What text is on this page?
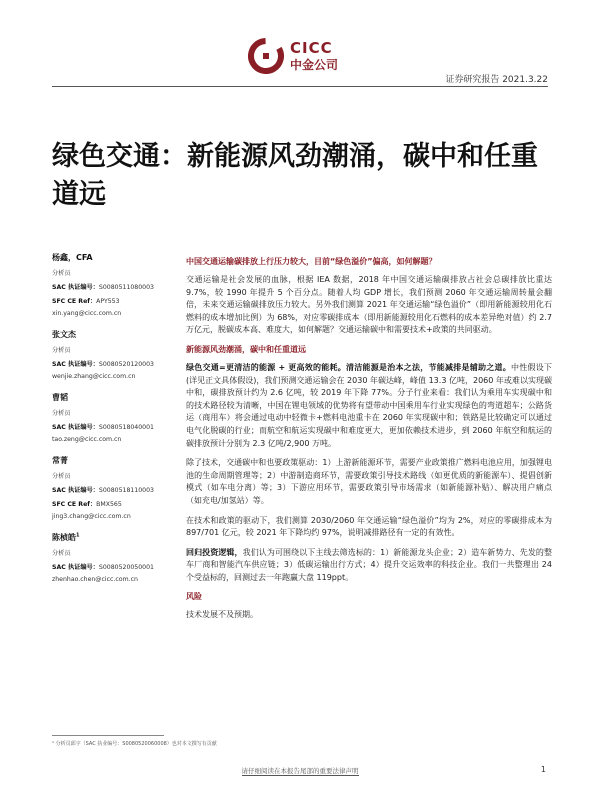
CICC
中金公司
证券研究报告 2021.3.22
绿色交通：新能源风劲潮涌，碳中和任重道远
杨鑫，CFA
分析员
SAC 执证编号：S0080511080003
SFC CE Ref：APY553
xin.yang@cicc.com.cn
张文杰
分析员
SAC 执证编号：S0080520120003
wenjie.zhang@cicc.com.cn
曹韬
分析员
SAC 执证编号：S0080518040001
tao.zeng@cicc.com.cn
常菁
分析员
SAC 执证编号：S0080518110003
SFC CE Ref：BMX565
jing3.chang@cicc.com.cn
陈桢皓$^1$
分析员
SAC 执证编号：S0080520050001
zhenhao.chen@cicc.com.cn

中国交通运输碳排放上行压力较大，目前“绿色溢价”偏高，如何解题？

交通运输是社会发展的血脉，根据 IEA 数据，2018 年中国交通运输碳排放占社会总碳排放比重达 9.7%，较 1990 年提升 5 个百分点。随着人均 GDP 增长，我们预测 2060 年交通运输周转量会翻倍，未来交通运输碳排放压力较大。另外我们测算 2021 年交通运输“绿色溢价”（即用新能源较用化石燃料的成本增加比例）为 68%，对应零碳排成本（即用新能源较用化石燃料的成本差异绝对值）约 2.7 万亿元，脱碳成本高、难度大，如何解题？交通运输碳中和需要技术+政策的共同驱动。

新能源风劲潮涌，碳中和任重道远

绿色交通=更清洁的能源 + 更高效的能耗。清洁能源是治本之法，节能减排是辅助之道。中性假设下(详见正文具体假设)，我们预测交通运输会在 2030 年碳达峰，峰值 13.3 亿吨，2060 年或难以实现碳中和，碳排放预计约为 2.6 亿吨，较 2019 年下降 77%。分子行业来看：我们认为乘用车实现碳中和的技术路径较为清晰，中国在锂电领域的优势将有望带动中国乘用车行业实现绿色的弯道超车；公路货运（商用车）将会通过电动中轻微卡+燃料电池重卡在 2060 年实现碳中和；铁路是比较确定可以通过电气化脱碳的行业；而航空和航运实现碳中和难度更大，更加依赖技术进步，到 2060 年航空和航运的碳排放预计分别为 2.3 亿吨/2,900 万吨。

除了技术，交通碳中和也要政策驱动：1）上游新能源环节，需要产业政策推广燃料电池应用，加强锂电池的生命周期管理等；2）中游制造商环节，需要政策引导技术路线（如更优质的新能源车）、提倡创新模式（如车电分离）等；3）下游应用环节，需要政策引导市场需求（如新能源补贴）、解决用户痛点（如充电/加氢站）等。

在技术和政策的驱动下，我们测算 2030/2060 年交通运输“绿色溢价”均为 2%，对应的零碳排成本为 897/701 亿元，较 2021 年下降均约 97%，说明减排路径有一定的有效性。

回归投资逻辑，我们认为可围绕以下主线去筛选标的：1）新能源龙头企业；2）造车新势力、先发的整车厂商和智能汽车供应链；3）低碳运输出行方式；4）提升交运效率的科技企业。我们一共整理出 24 个受益标的，回测过去一年跑赢大盘 119ppt。

风险

技术发展不及预期。

¹ 分析员邱宇（SAC 执业编号：S0080520060008）也对本文撰写有贡献
请仔细阅读在本报告尾部的重要法律声明	1
